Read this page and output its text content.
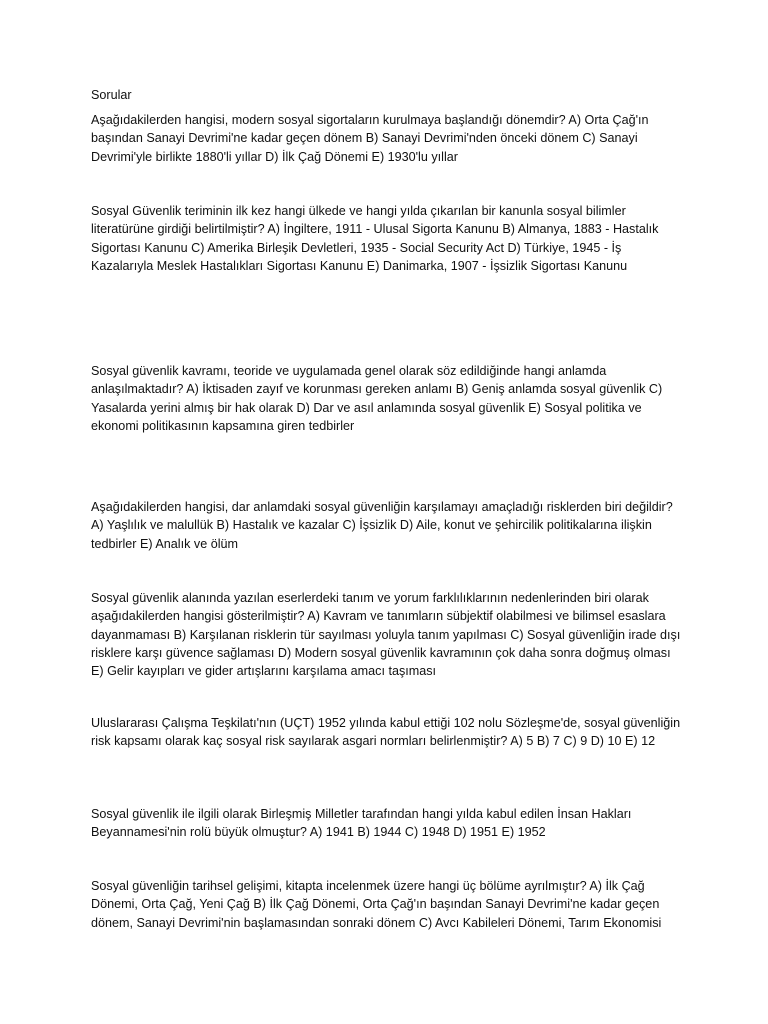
Sorular

Aşağıdakilerden hangisi, modern sosyal sigortaların kurulmaya başlandığı dönemdir? A) Orta Çağ'ın başından Sanayi Devrimi'ne kadar geçen dönem B) Sanayi Devrimi'nden önceki dönem C) Sanayi Devrimi'yle birlikte 1880'li yıllar D) İlk Çağ Dönemi E) 1930'lu yıllar

Sosyal Güvenlik teriminin ilk kez hangi ülkede ve hangi yılda çıkarılan bir kanunla sosyal bilimler literatürüne girdiği belirtilmiştir? A) İngiltere, 1911 - Ulusal Sigorta Kanunu B) Almanya, 1883 - Hastalık Sigortası Kanunu C) Amerika Birleşik Devletleri, 1935 - Social Security Act D) Türkiye, 1945 - İş Kazalarıyla Meslek Hastalıkları Sigortası Kanunu E) Danimarka, 1907 - İşsizlik Sigortası Kanunu

Sosyal güvenlik kavramı, teoride ve uygulamada genel olarak söz edildiğinde hangi anlamda anlaşılmaktadır? A) İktisaden zayıf ve korunması gereken anlamı B) Geniş anlamda sosyal güvenlik C) Yasalarda yerini almış bir hak olarak D) Dar ve asıl anlamında sosyal güvenlik E) Sosyal politika ve ekonomi politikasının kapsamına giren tedbirler

Aşağıdakilerden hangisi, dar anlamdaki sosyal güvenliğin karşılamayı amaçladığı risklerden biri değildir? A) Yaşlılık ve malullük B) Hastalık ve kazalar C) İşsizlik D) Aile, konut ve şehircilik politikalarına ilişkin tedbirler E) Analık ve ölüm

Sosyal güvenlik alanında yazılan eserlerdeki tanım ve yorum farklılıklarının nedenlerinden biri olarak aşağıdakilerden hangisi gösterilmiştir? A) Kavram ve tanımların sübjektif olabilmesi ve bilimsel esaslara dayanmaması B) Karşılanan risklerin tür sayılması yoluyla tanım yapılması C) Sosyal güvenliğin irade dışı risklere karşı güvence sağlaması D) Modern sosyal güvenlik kavramının çok daha sonra doğmuş olması E) Gelir kayıpları ve gider artışlarını karşılama amacı taşıması

Uluslararası Çalışma Teşkilatı'nın (UÇT) 1952 yılında kabul ettiği 102 nolu Sözleşme'de, sosyal güvenliğin risk kapsamı olarak kaç sosyal risk sayılarak asgari normları belirlenmiştir? A) 5 B) 7 C) 9 D) 10 E) 12

Sosyal güvenlik ile ilgili olarak Birleşmiş Milletler tarafından hangi yılda kabul edilen İnsan Hakları Beyannamesi'nin rolü büyük olmuştur? A) 1941 B) 1944 C) 1948 D) 1951 E) 1952

Sosyal güvenliğin tarihsel gelişimi, kitapta incelenmek üzere hangi üç bölüme ayrılmıştır? A) İlk Çağ Dönemi, Orta Çağ, Yeni Çağ B) İlk Çağ Dönemi, Orta Çağ'ın başından Sanayi Devrimi'ne kadar geçen dönem, Sanayi Devrimi'nin başlamasından sonraki dönem C) Avcı Kabileleri Dönemi, Tarım Ekonomisi
